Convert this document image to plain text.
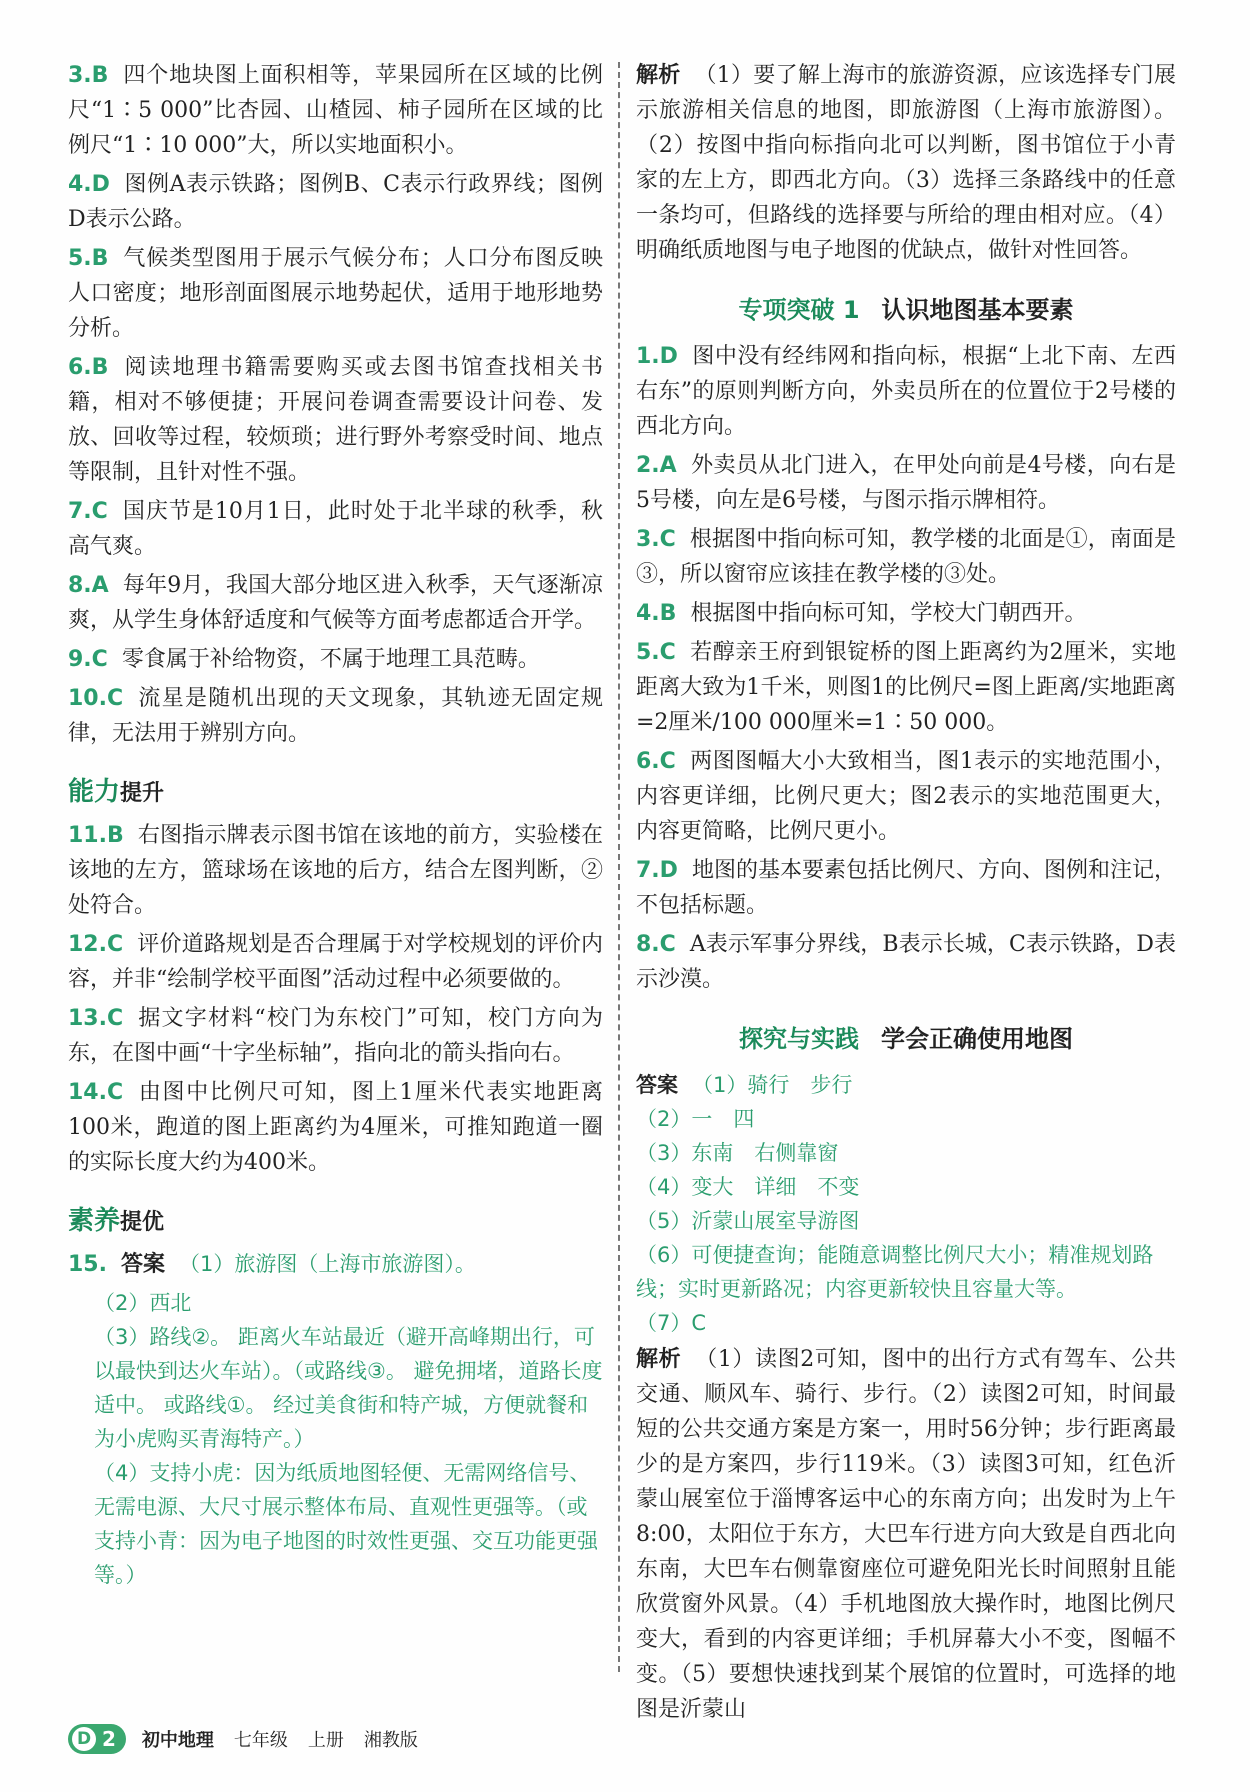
3.B 四个地块图上面积相等，苹果园所在区域的比例尺“1∶5 000”比杏园、山楂园、柿子园所在区域的比例尺“1∶10 000”大，所以实地面积小。
4.D 图例A表示铁路；图例B、C表示行政界线；图例D表示公路。
5.B 气候类型图用于展示气候分布；人口分布图反映人口密度；地形剖面图展示地势起伏，适用于地形地势分析。
6.B 阅读地理书籍需要购买或去图书馆查找相关书籍，相对不够便捷；开展问卷调查需要设计问卷、发放、回收等过程，较烦琐；进行野外考察受时间、地点等限制，且针对性不强。
7.C 国庆节是10月1日，此时处于北半球的秋季，秋高气爽。
8.A 每年9月，我国大部分地区进入秋季，天气逐渐凉爽，从学生身体舒适度和气候等方面考虑都适合开学。
9.C 零食属于补给物资，不属于地理工具范畴。
10.C 流星是随机出现的天文现象，其轨迹无固定规律，无法用于辨别方向。
能力提升
11.B 右图指示牌表示图书馆在该地的前方，实验楼在该地的左方，篮球场在该地的后方，结合左图判断，②处符合。
12.C 评价道路规划是否合理属于对学校规划的评价内容，并非“绘制学校平面图”活动过程中必须要做的。
13.C 据文字材料“校门为东校门”可知，校门方向为东，在图中画“十字坐标轴”，指向北的箭头指向右。
14.C 由图中比例尺可知，图上1厘米代表实地距离100米，跑道的图上距离约为4厘米，可推知跑道一圈的实际长度大约为400米。
素养提优
15. 答案 （1）旅游图（上海市旅游图）。
（2）西北
（3）路线②。 距离火车站最近（避开高峰期出行，可以最快到达火车站）。（或路线③。 避免拥堵，道路长度适中。 或路线①。 经过美食街和特产城，方便就餐和为小虎购买青海特产。）
（4）支持小虎：因为纸质地图轻便、无需网络信号、无需电源、大尺寸展示整体布局、直观性更强等。（或支持小青：因为电子地图的时效性更强、交互功能更强等。）
解析 （1）要了解上海市的旅游资源，应该选择专门展示旅游相关信息的地图，即旅游图（上海市旅游图）。（2）按图中指向标指向北可以判断，图书馆位于小青家的左上方，即西北方向。（3）选择三条路线中的任意一条均可，但路线的选择要与所给的理由相对应。（4）明确纸质地图与电子地图的优缺点，做针对性回答。
专项突破 1 认识地图基本要素
1.D 图中没有经纬网和指向标，根据“上北下南、左西右东”的原则判断方向，外卖员所在的位置位于2号楼的西北方向。
2.A 外卖员从北门进入，在甲处向前是4号楼，向右是5号楼，向左是6号楼，与图示指示牌相符。
3.C 根据图中指向标可知，教学楼的北面是①，南面是③，所以窗帘应该挂在教学楼的③处。
4.B 根据图中指向标可知，学校大门朝西开。
5.C 若醇亲王府到银锭桥的图上距离约为2厘米，实地距离大致为1千米，则图1的比例尺=图上距离/实地距离=2厘米/100 000厘米=1∶50 000。
6.C 两图图幅大小大致相当，图1表示的实地范围小，内容更详细，比例尺更大；图2表示的实地范围更大，内容更简略，比例尺更小。
7.D 地图的基本要素包括比例尺、方向、图例和注记，不包括标题。
8.C A表示军事分界线，B表示长城，C表示铁路，D表示沙漠。
探究与实践 学会正确使用地图
答案 （1）骑行　步行
（2）一　四
（3）东南　右侧靠窗
（4）变大　详细　不变
（5）沂蒙山展室导游图
（6）可便捷查询；能随意调整比例尺大小；精准规划路线；实时更新路况；内容更新较快且容量大等。
（7）C
解析 （1）读图2可知，图中的出行方式有驾车、公共交通、顺风车、骑行、步行。（2）读图2可知，时间最短的公共交通方案是方案一，用时56分钟；步行距离最少的是方案四，步行119米。（3）读图3可知，红色沂蒙山展室位于淄博客运中心的东南方向；出发时为上午8:00，太阳位于东方，大巴车行进方向大致是自西北向东南，大巴车右侧靠窗座位可避免阳光长时间照射且能欣赏窗外风景。（4）手机地图放大操作时，地图比例尺变大，看到的内容更详细；手机屏幕大小不变，图幅不变。（5）要想快速找到某个展馆的位置时，可选择的地图是沂蒙山
D 2 初中地理 七年级 上册 湘教版
